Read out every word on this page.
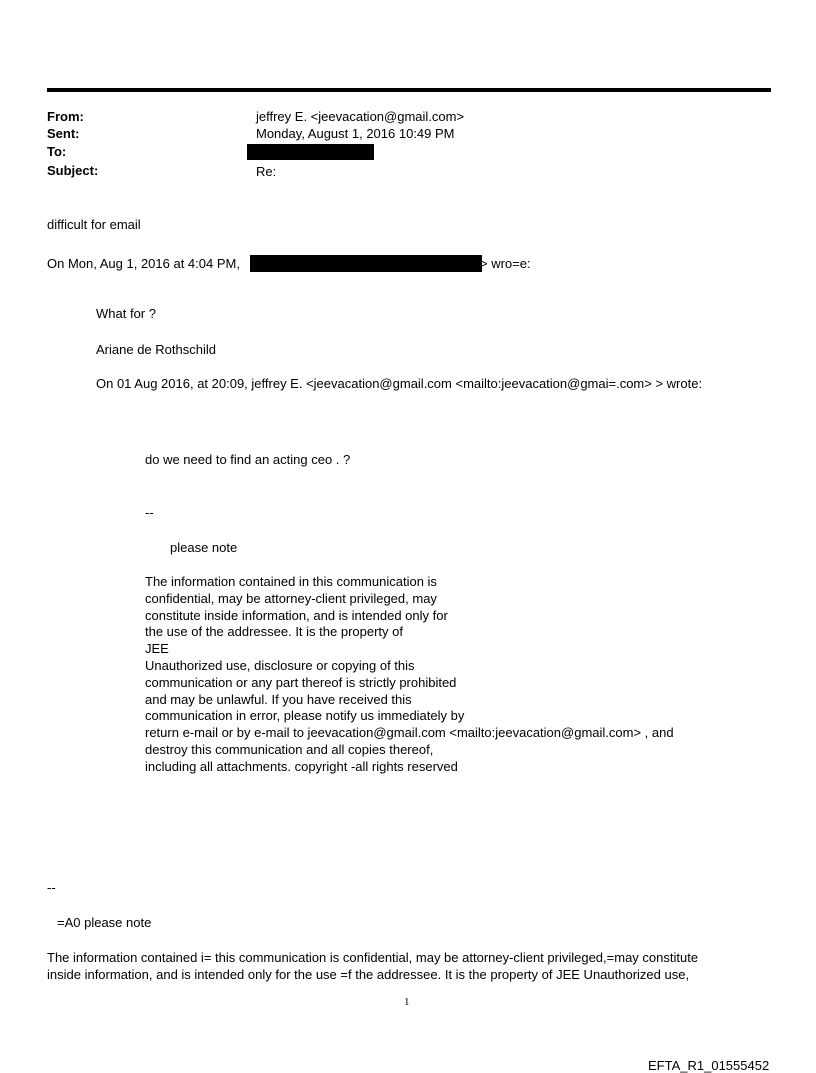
From:
Sent:
To:
Subject:
jeffrey E. <jeevacation@gmail.com>
Monday, August 1, 2016 10:49 PM
Re:
difficult for email
On Mon, Aug 1, 2016 at 4:04 PM,	> wro=e:
What for ?
Ariane de Rothschild
On 01 Aug 2016, at 20:09, jeffrey E. <jeevacation@gmail.com <mailto:jeevacation@gmai=.com> > wrote:
do we need to find an acting ceo . ?
--
please note
The information contained in this communication is
confidential, may be attorney-client privileged, may
constitute inside information, and is intended only for
the use of the addressee. It is the property of
JEE
Unauthorized use, disclosure or copying of this
communication or any part thereof is strictly prohibited
and may be unlawful. If you have received this
communication in error, please notify us immediately by
return e-mail or by e-mail to jeevacation@gmail.com <mailto:jeevacation@gmail.com> , and
destroy this communication and all copies thereof,
including all attachments. copyright -all rights reserved
--
=A0 please note
The information contained i= this communication is confidential, may be attorney-client privileged,=may constitute
inside information, and is intended only for the use =f the addressee. It is the property of JEE Unauthorized use,
1
EFTA_R1_01555452
